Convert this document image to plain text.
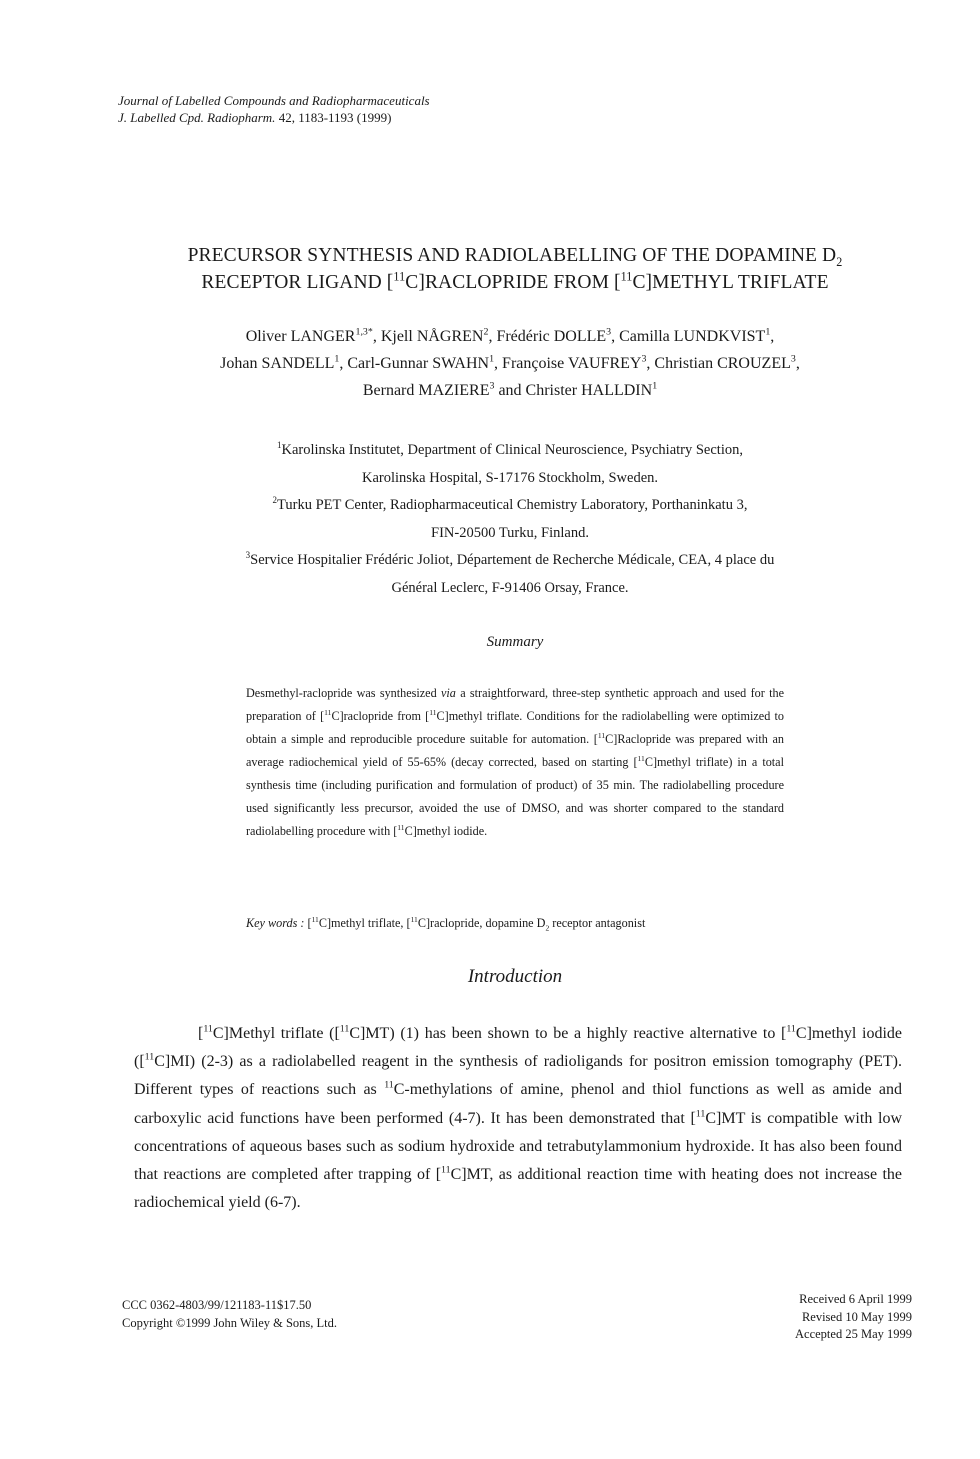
Journal of Labelled Compounds and Radiopharmaceuticals
J. Labelled Cpd. Radiopharm. 42, 1183-1193 (1999)
PRECURSOR SYNTHESIS AND RADIOLABELLING OF THE DOPAMINE $D_2$
RECEPTOR LIGAND [$^{11}$C]RACLOPRIDE FROM [$^{11}$C]METHYL TRIFLATE
Oliver $LANGER^{1,3*}$, Kjell NÅGREN$^2$, Frédéric DOLLE$^3$, Camilla LUNDKVIST$^1$,
Johan SANDELL$^1$, Carl-Gunnar SWAHN$^1$, Françoise VAUFREY$^3$, Christian CROUZEL$^3$,
Bernard MAZIERE$^3$ and Christer HALLDIN$^1$
$^1$Karolinska Institutet, Department of Clinical Neuroscience, Psychiatry Section,
Karolinska Hospital, S-17176 Stockholm, Sweden.
$^2$Turku PET Center, Radiopharmaceutical Chemistry Laboratory, Porthaninkatu 3,
FIN-20500 Turku, Finland.
$^3$Service Hospitalier Frédéric Joliot, Département de Recherche Médicale, CEA, 4 place du
Général Leclerc, F-91406 Orsay, France.
Summary
Desmethyl-raclopride was synthesized via a straightforward, three-step synthetic approach and used for the preparation of [$^{11}$C]raclopride from [$^{11}$C]methyl triflate. Conditions for the radiolabelling were optimized to obtain a simple and reproducible procedure suitable for automation. [$^{11}$C]Raclopride was prepared with an average radiochemical yield of 55-65% (decay corrected, based on starting [$^{11}$C]methyl triflate) in a total synthesis time (including purification and formulation of product) of 35 min. The radiolabelling procedure used significantly less precursor, avoided the use of DMSO, and was shorter compared to the standard radiolabelling procedure with [$^{11}$C]methyl iodide.
Key words : [$^{11}$C]methyl triflate, [$^{11}$C]raclopride, dopamine $D_2$ receptor antagonist
Introduction
[$^{11}$C]Methyl triflate ([$^{11}$C]MT) (1) has been shown to be a highly reactive alternative to [$^{11}$C]methyl iodide ([$^{11}$C]MI) (2-3) as a radiolabelled reagent in the synthesis of radioligands for positron emission tomography (PET). Different types of reactions such as $^{11}$C-methylations of amine, phenol and thiol functions as well as amide and carboxylic acid functions have been performed (4-7). It has been demonstrated that [$^{11}$C]MT is compatible with low concentrations of aqueous bases such as sodium hydroxide and tetrabutylammonium hydroxide. It has also been found that reactions are completed after trapping of [$^{11}$C]MT, as additional reaction time with heating does not increase the radiochemical yield (6-7).
CCC 0362-4803/99/121183-11$17.50
Copyright ©1999 John Wiley & Sons, Ltd.
Received 6 April 1999
Revised 10 May 1999
Accepted 25 May 1999
